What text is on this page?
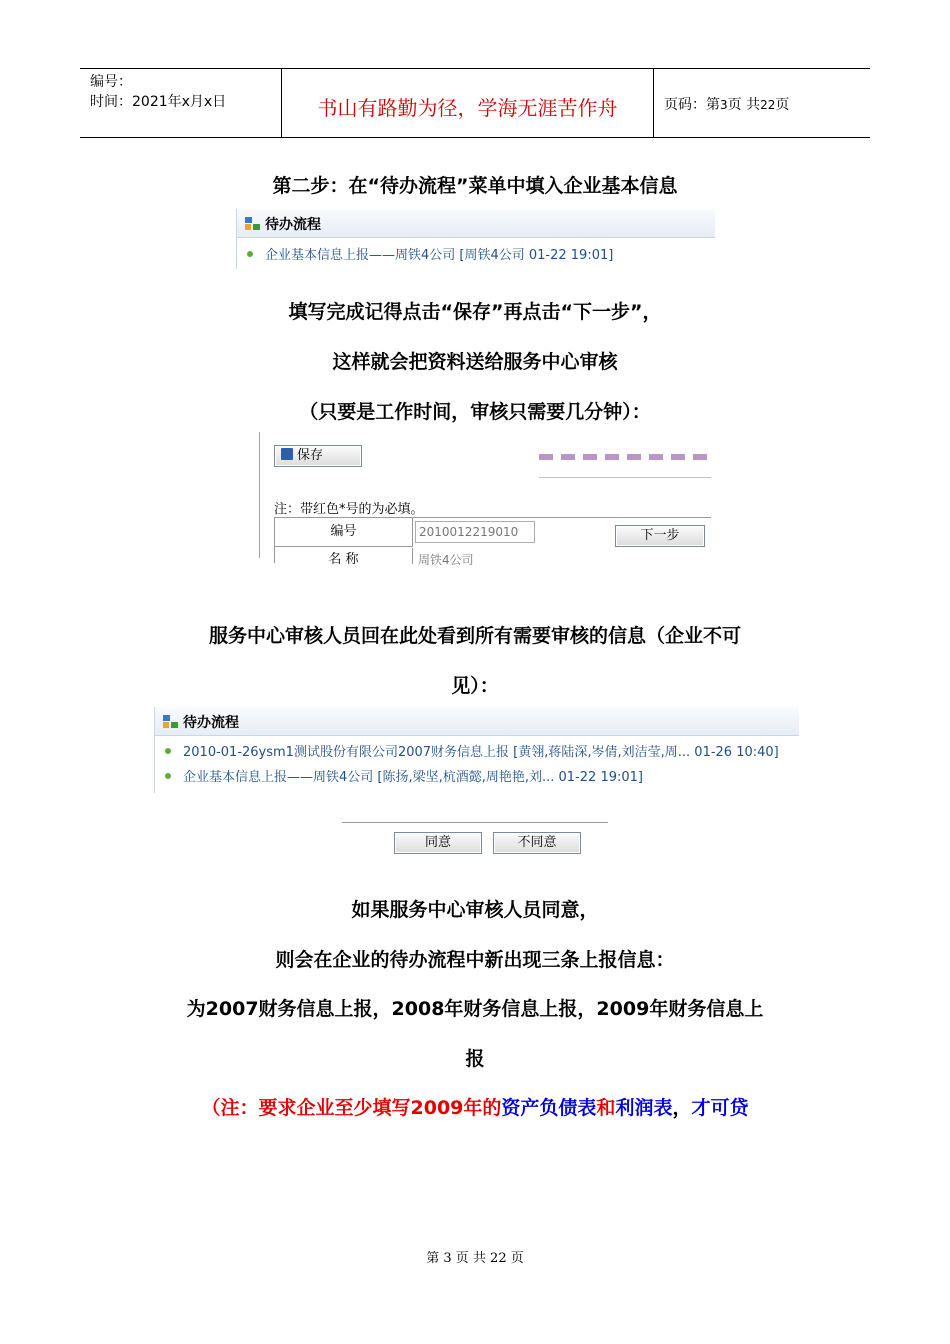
编号：
时间：2021年x月x日	书山有路勤为径，学海无涯苦作舟	页码：第3页 共22页
第二步：在“待办流程”菜单中填入企业基本信息
待办流程
企业基本信息上报——周铁4公司 [周铁4公司 01-22 19:01]
填写完成记得点击“保存”再点击“下一步”，
这样就会把资料送给服务中心审核
（只要是工作时间，审核只需要几分钟）：
保存
注：带红色*号的为必填。
编号	2010012219010
名 称	周铁4公司
下一步
服务中心审核人员回在此处看到所有需要审核的信息（企业不可
见）：
待办流程
2010-01-26ysm1测试股份有限公司2007财务信息上报 [黄翎,蒋陆深,岑倩,刘洁莹,周... 01-26 10:40]
企业基本信息上报——周铁4公司 [陈扬,梁坚,杭酒懿,周艳艳,刘... 01-22 19:01]
同意	不同意
如果服务中心审核人员同意，
则会在企业的待办流程中新出现三条上报信息：
为2007财务信息上报，2008年财务信息上报，2009年财务信息上
报
（注：要求企业至少填写2009年的资产负债表和利润表，才可贷
第 3 页 共 22 页
